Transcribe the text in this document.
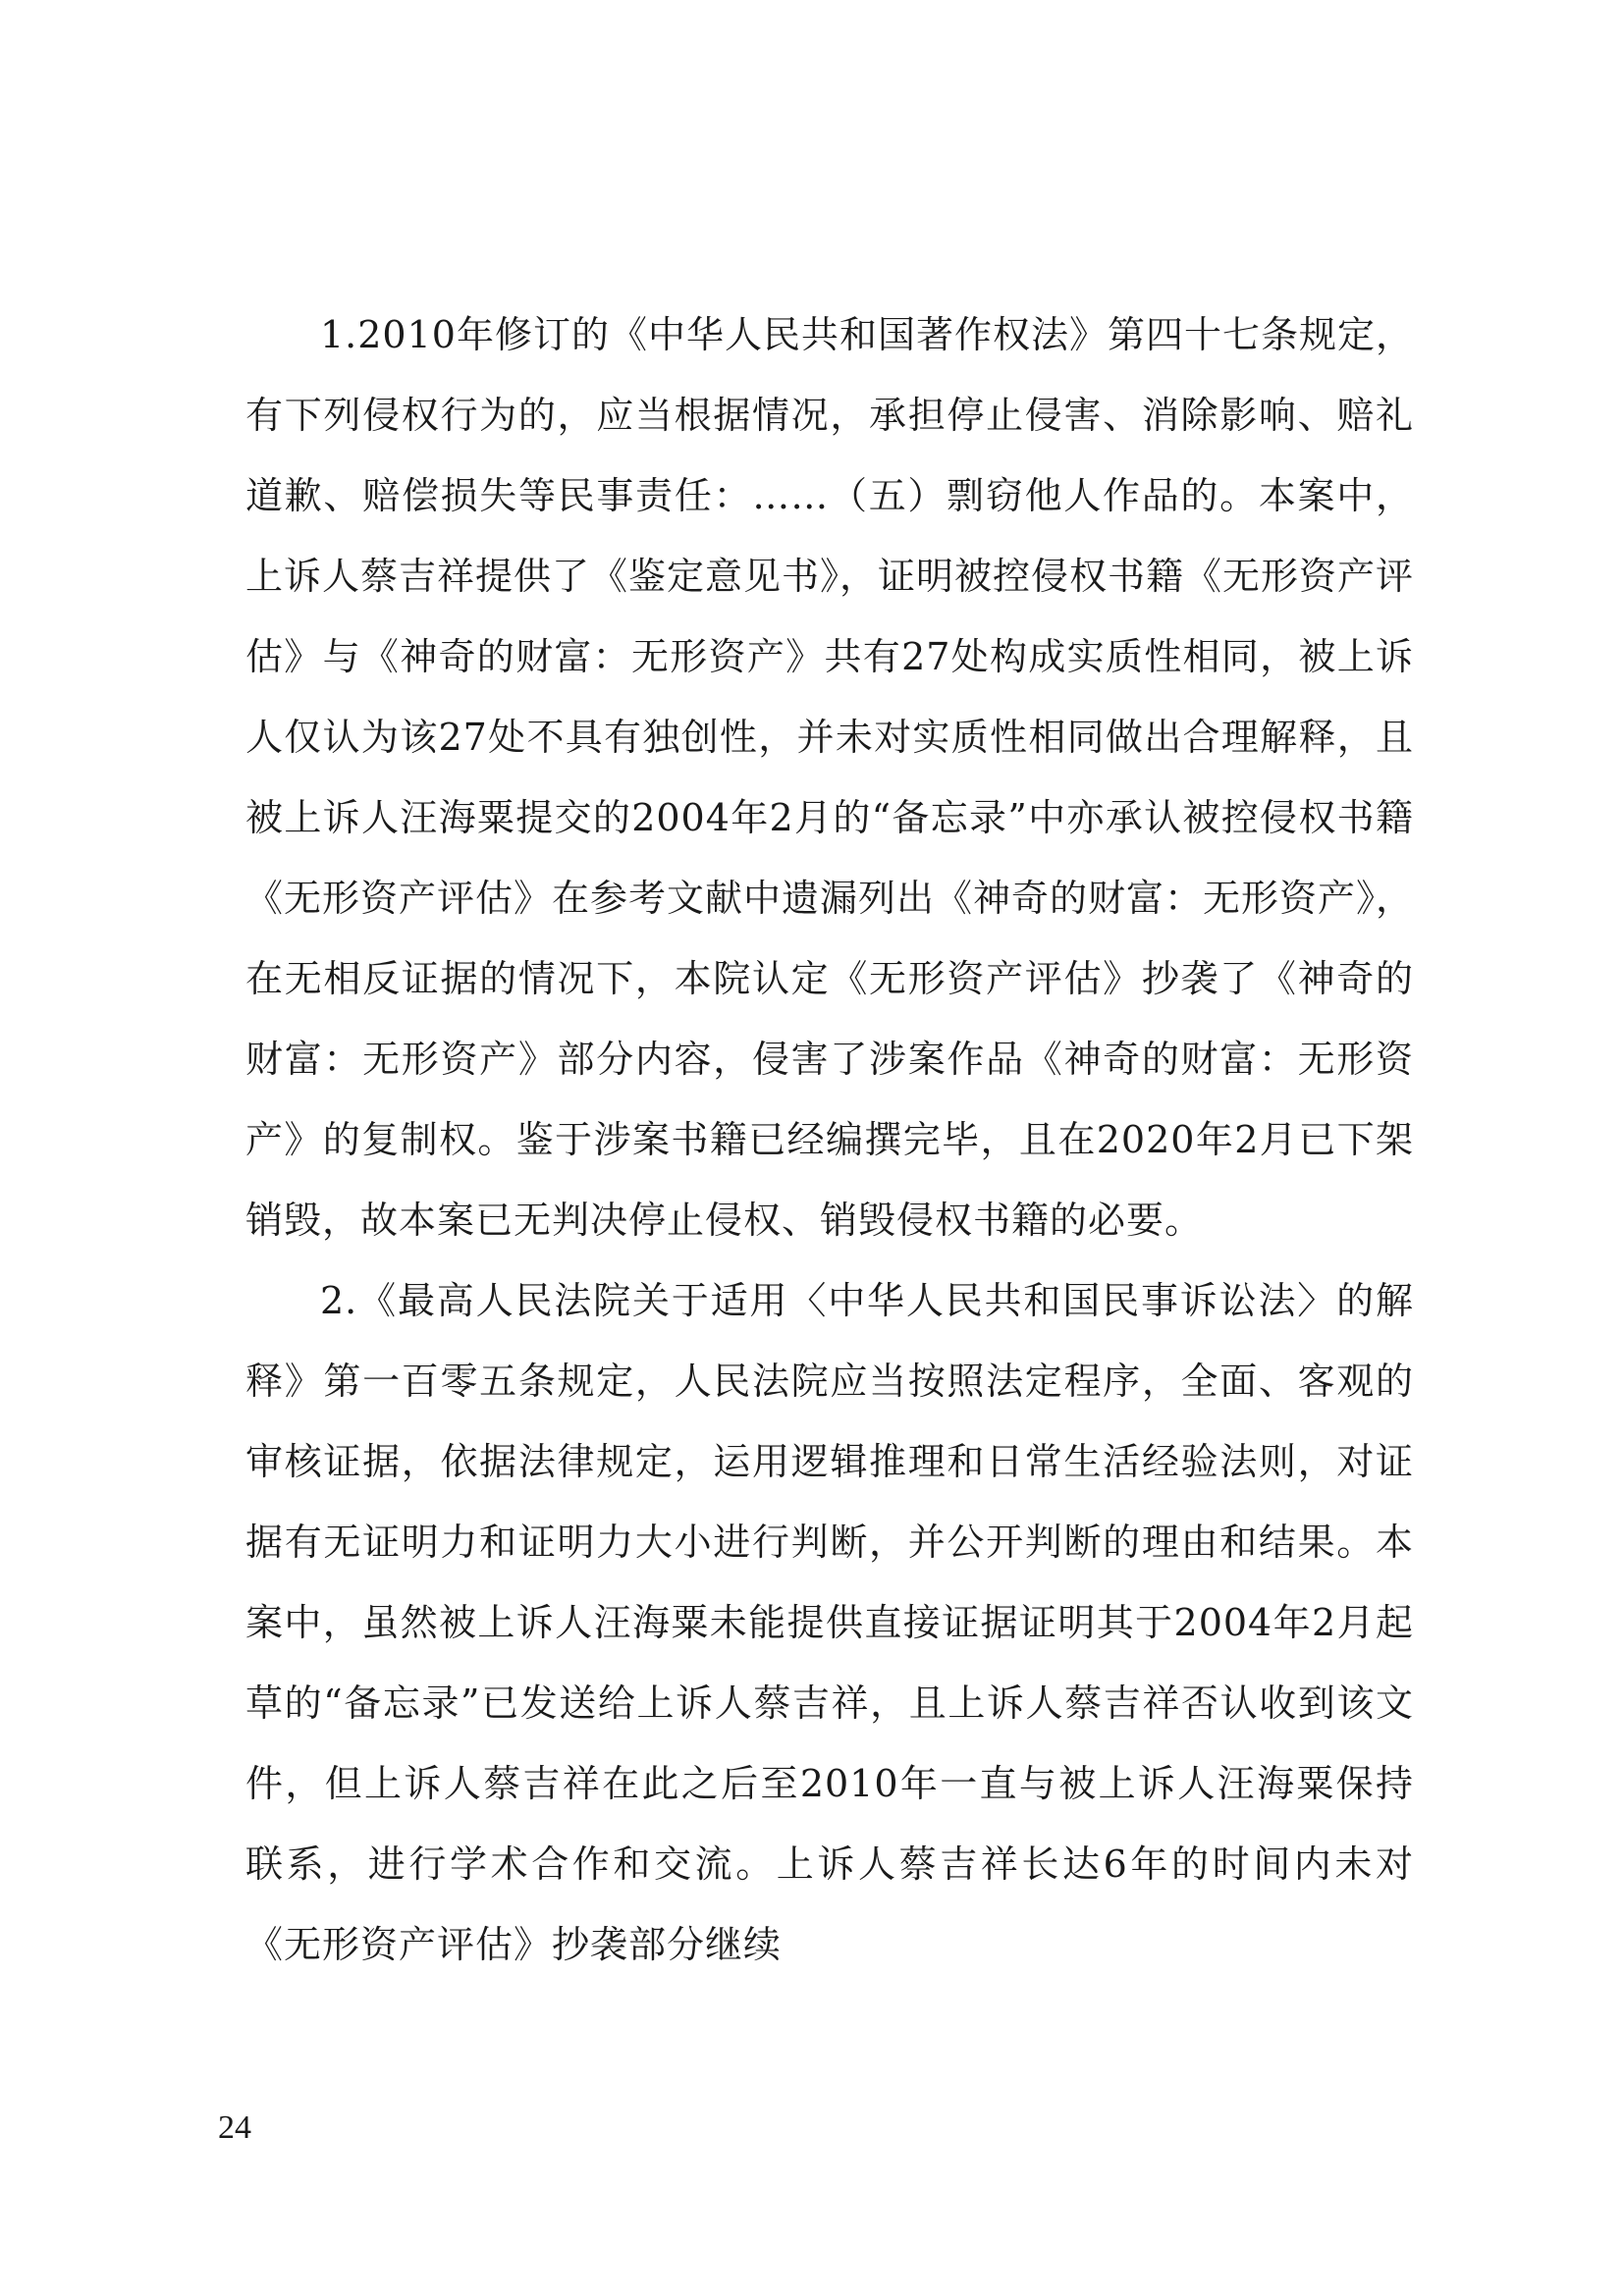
1.2010年修订的《中华人民共和国著作权法》第四十七条规定，有下列侵权行为的，应当根据情况，承担停止侵害、消除影响、赔礼道歉、赔偿损失等民事责任：……（五）剽窃他人作品的。本案中，上诉人蔡吉祥提供了《鉴定意见书》，证明被控侵权书籍《无形资产评估》与《神奇的财富：无形资产》共有27处构成实质性相同，被上诉人仅认为该27处不具有独创性，并未对实质性相同做出合理解释，且被上诉人汪海粟提交的2004年2月的“备忘录”中亦承认被控侵权书籍《无形资产评估》在参考文献中遗漏列出《神奇的财富：无形资产》，在无相反证据的情况下，本院认定《无形资产评估》抄袭了《神奇的财富：无形资产》部分内容，侵害了涉案作品《神奇的财富：无形资产》的复制权。鉴于涉案书籍已经编撰完毕，且在2020年2月已下架销毁，故本案已无判决停止侵权、销毁侵权书籍的必要。

2.《最高人民法院关于适用〈中华人民共和国民事诉讼法〉的解释》第一百零五条规定，人民法院应当按照法定程序，全面、客观的审核证据，依据法律规定，运用逻辑推理和日常生活经验法则，对证据有无证明力和证明力大小进行判断，并公开判断的理由和结果。本案中，虽然被上诉人汪海粟未能提供直接证据证明其于2004年2月起草的“备忘录”已发送给上诉人蔡吉祥，且上诉人蔡吉祥否认收到该文件，但上诉人蔡吉祥在此之后至2010年一直与被上诉人汪海粟保持联系，进行学术合作和交流。上诉人蔡吉祥长达6年的时间内未对《无形资产评估》抄袭部分继续

24
